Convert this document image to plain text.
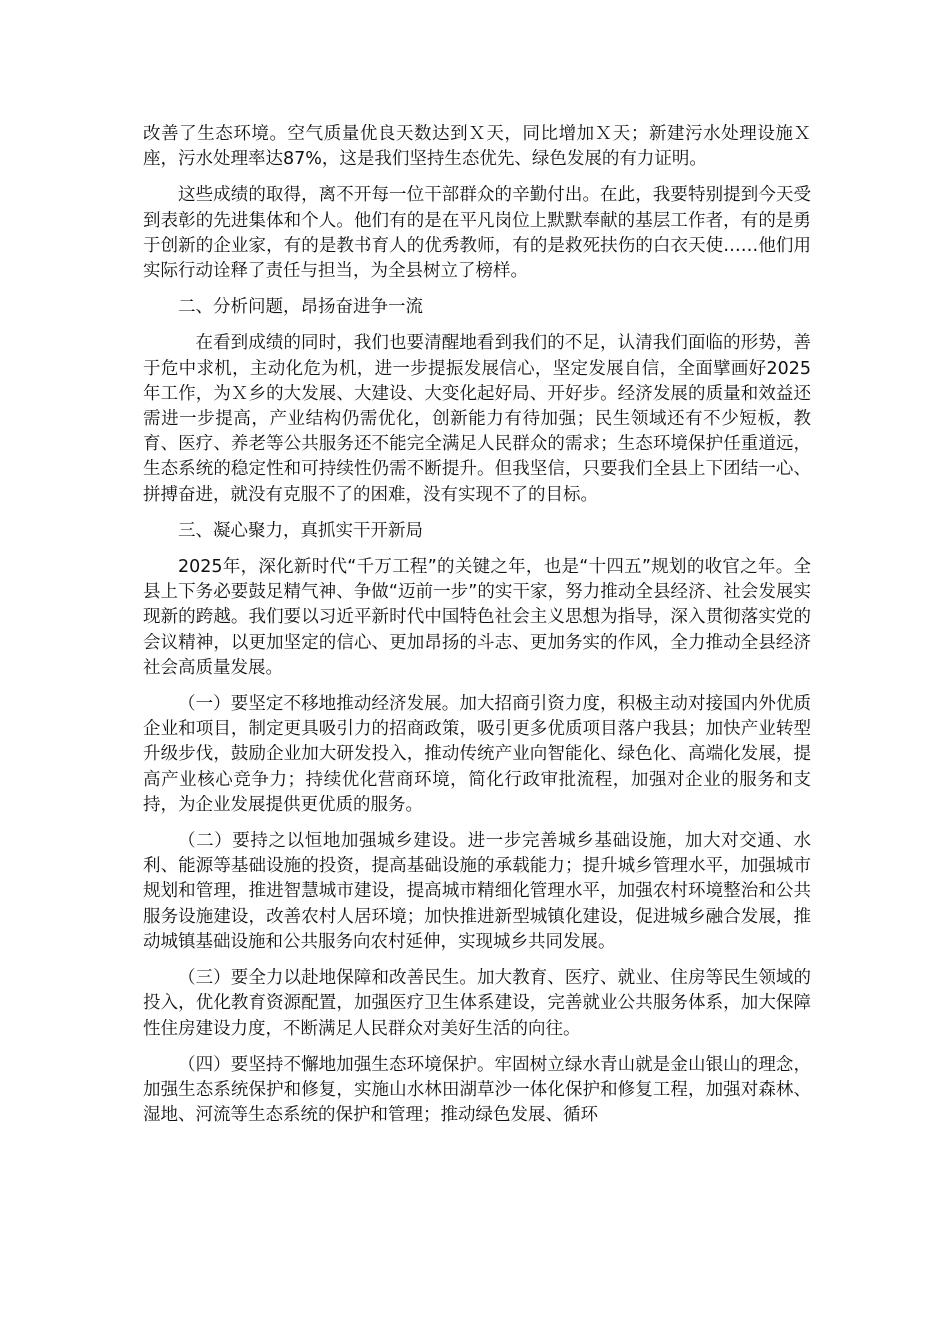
改善了生态环境。空气质量优良天数达到Ｘ天，同比增加Ｘ天；新建污水处理设施Ｘ座，污水处理率达87%，这是我们坚持生态优先、绿色发展的有力证明。

这些成绩的取得，离不开每一位干部群众的辛勤付出。在此，我要特别提到今天受到表彰的先进集体和个人。他们有的是在平凡岗位上默默奉献的基层工作者，有的是勇于创新的企业家，有的是教书育人的优秀教师，有的是救死扶伤的白衣天使……他们用实际行动诠释了责任与担当，为全县树立了榜样。

二、分析问题，昂扬奋进争一流

在看到成绩的同时，我们也要清醒地看到我们的不足，认清我们面临的形势，善于危中求机，主动化危为机，进一步提振发展信心，坚定发展自信，全面擘画好2025年工作，为Ｘ乡的大发展、大建设、大变化起好局、开好步。经济发展的质量和效益还需进一步提高，产业结构仍需优化，创新能力有待加强；民生领域还有不少短板，教育、医疗、养老等公共服务还不能完全满足人民群众的需求；生态环境保护任重道远，生态系统的稳定性和可持续性仍需不断提升。但我坚信，只要我们全县上下团结一心、拼搏奋进，就没有克服不了的困难，没有实现不了的目标。

三、凝心聚力，真抓实干开新局

2025年，深化新时代“千万工程”的关键之年，也是“十四五”规划的收官之年。全县上下务必要鼓足精气神、争做“迈前一步”的实干家，努力推动全县经济、社会发展实现新的跨越。我们要以习近平新时代中国特色社会主义思想为指导，深入贯彻落实党的会议精神，以更加坚定的信心、更加昂扬的斗志、更加务实的作风，全力推动全县经济社会高质量发展。

（一）要坚定不移地推动经济发展。加大招商引资力度，积极主动对接国内外优质企业和项目，制定更具吸引力的招商政策，吸引更多优质项目落户我县；加快产业转型升级步伐，鼓励企业加大研发投入，推动传统产业向智能化、绿色化、高端化发展，提高产业核心竞争力；持续优化营商环境，简化行政审批流程，加强对企业的服务和支持，为企业发展提供更优质的服务。

（二）要持之以恒地加强城乡建设。进一步完善城乡基础设施，加大对交通、水利、能源等基础设施的投资，提高基础设施的承载能力；提升城乡管理水平，加强城市规划和管理，推进智慧城市建设，提高城市精细化管理水平，加强农村环境整治和公共服务设施建设，改善农村人居环境；加快推进新型城镇化建设，促进城乡融合发展，推动城镇基础设施和公共服务向农村延伸，实现城乡共同发展。

（三）要全力以赴地保障和改善民生。加大教育、医疗、就业、住房等民生领域的投入，优化教育资源配置，加强医疗卫生体系建设，完善就业公共服务体系，加大保障性住房建设力度，不断满足人民群众对美好生活的向往。

（四）要坚持不懈地加强生态环境保护。牢固树立绿水青山就是金山银山的理念，加强生态系统保护和修复，实施山水林田湖草沙一体化保护和修复工程，加强对森林、湿地、河流等生态系统的保护和管理；推动绿色发展、循环
